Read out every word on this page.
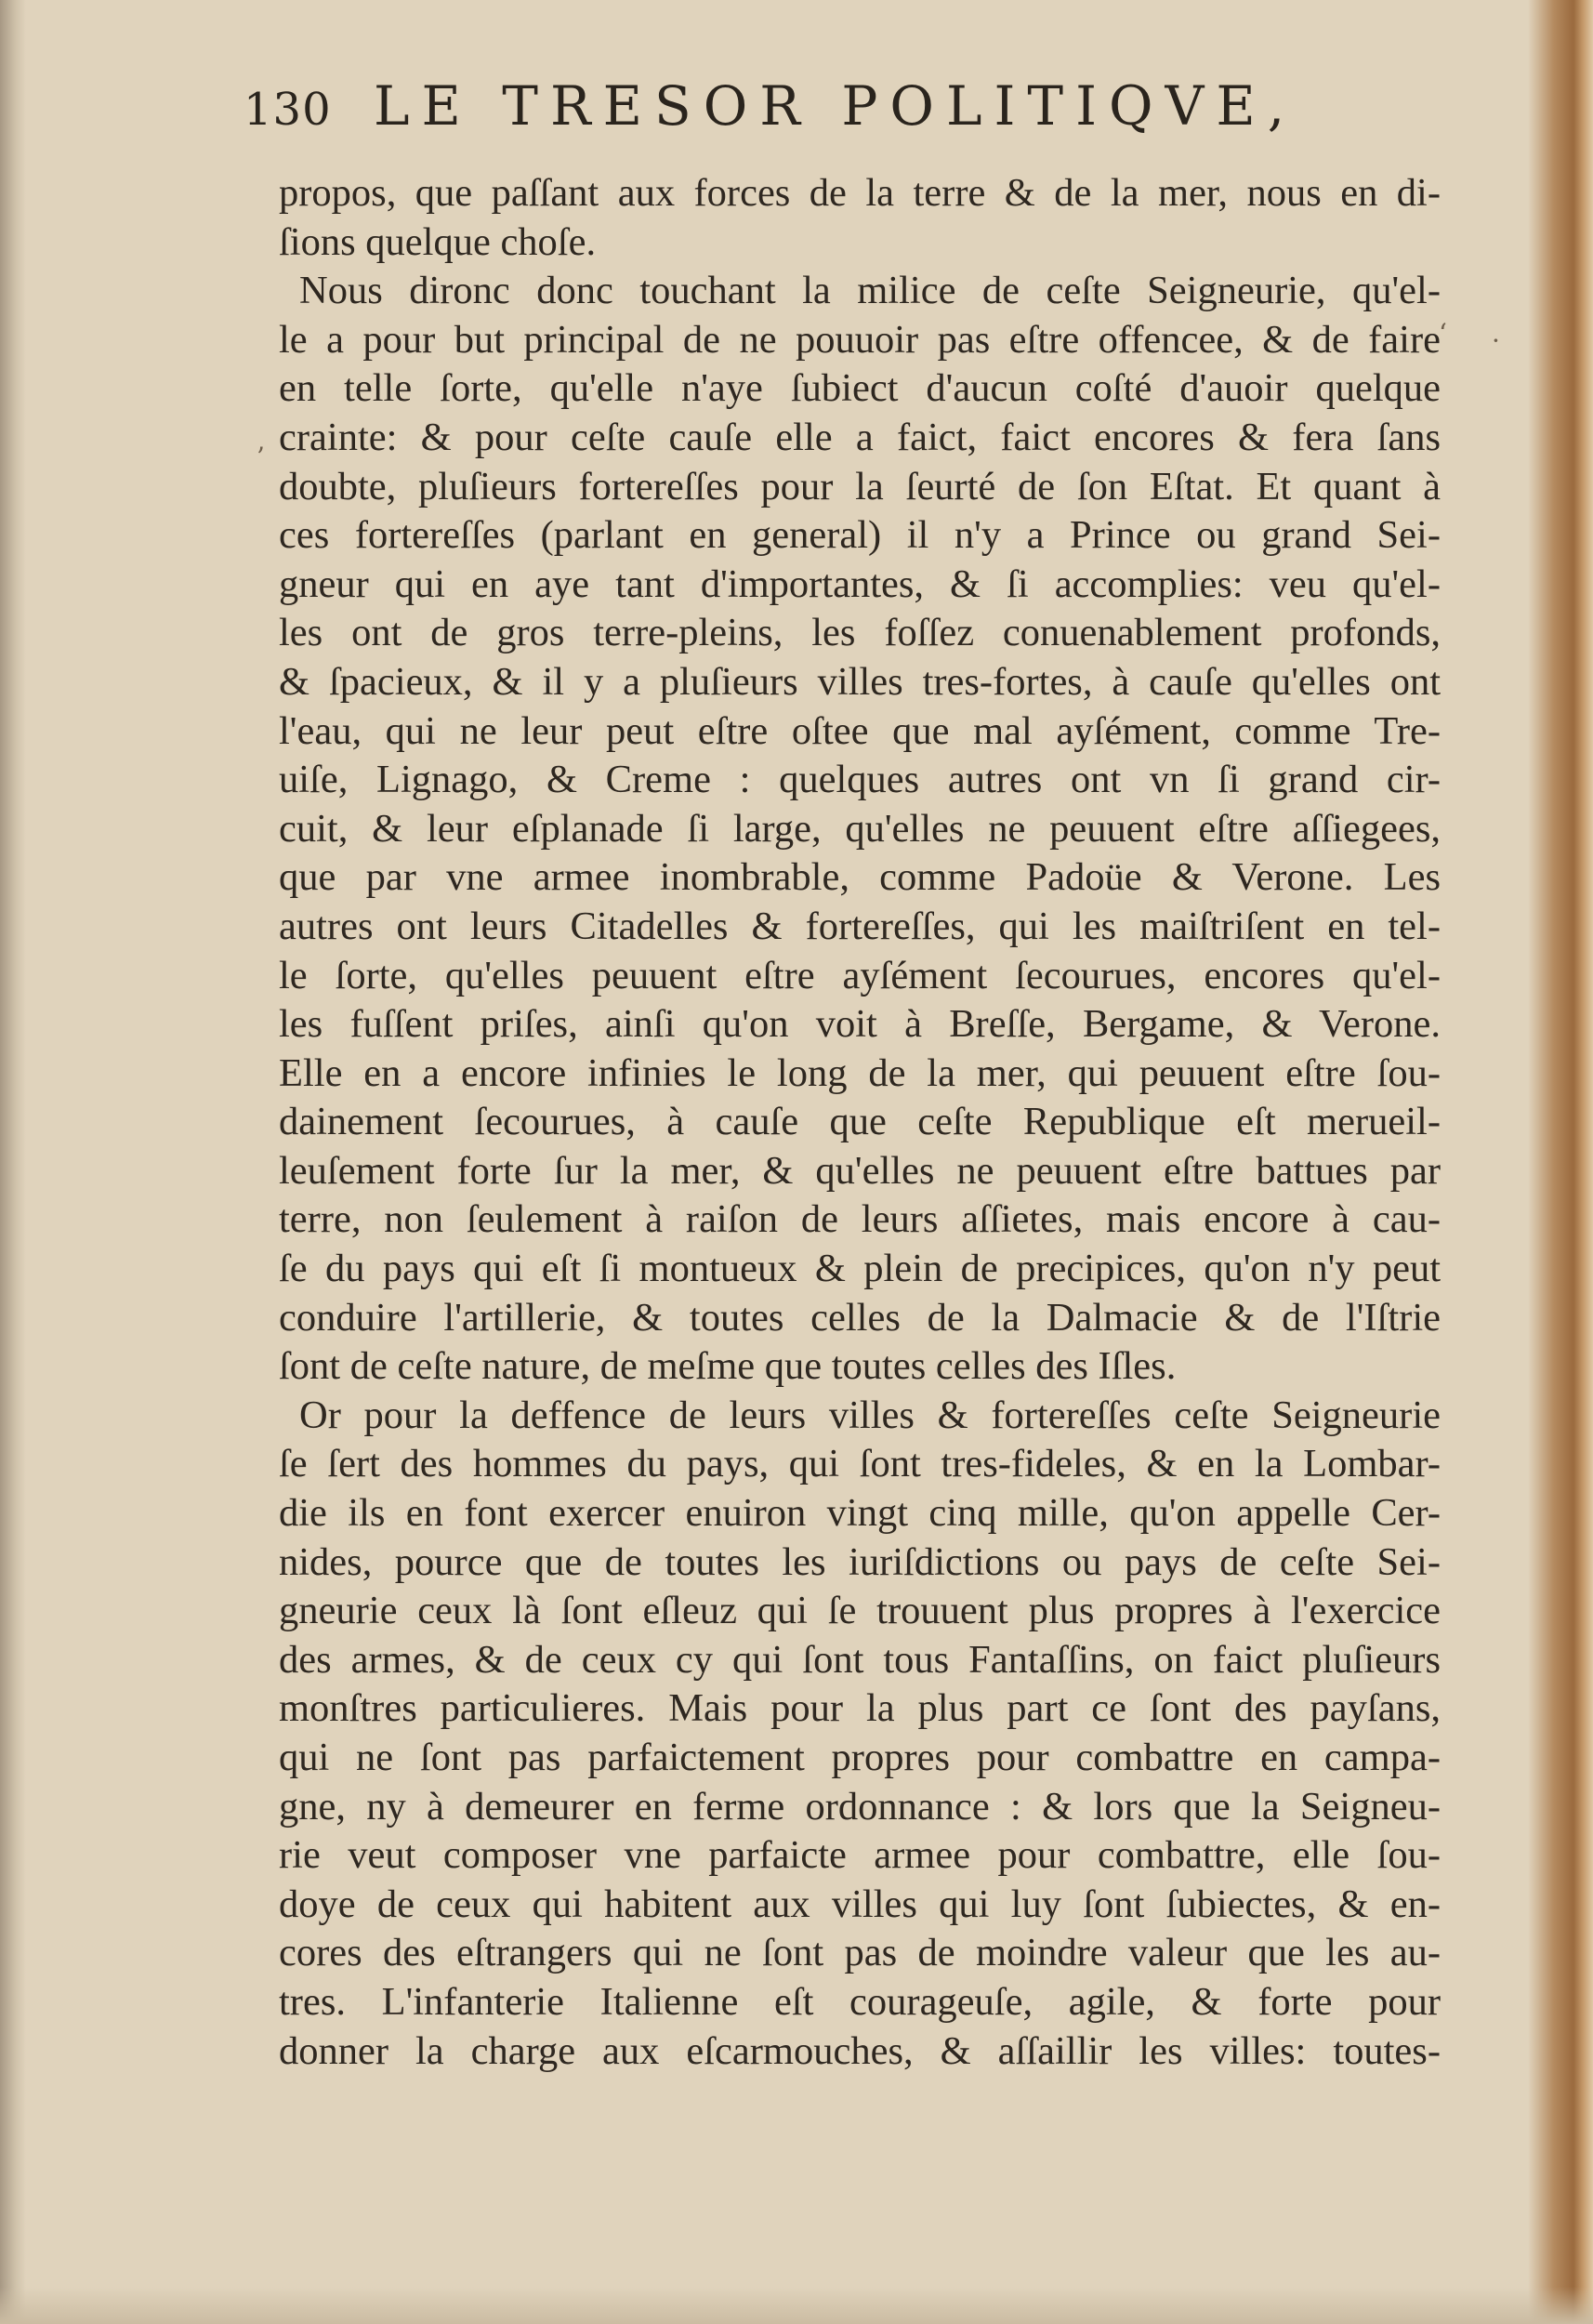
130 LE TRESOR POLITIQVE,
‘ ·
’
propos, que paſſant aux forces de la terre & de la mer, nous en di-
ſions quelque choſe.
Nous dironc donc touchant la milice de ceſte Seigneurie, qu'el-
le a pour but principal de ne pouuoir pas eſtre offencee, & de faire
en telle ſorte, qu'elle n'aye ſubiect d'aucun coſté d'auoir quelque
crainte: & pour ceſte cauſe elle a faict, faict encores & fera ſans
doubte, pluſieurs fortereſſes pour la ſeurté de ſon Eſtat. Et quant à
ces fortereſſes (parlant en general) il n'y a Prince ou grand Sei-
gneur qui en aye tant d'importantes, & ſi accomplies: veu qu'el-
les ont de gros terre-pleins, les foſſez conuenablement profonds,
& ſpacieux, & il y a pluſieurs villes tres-fortes, à cauſe qu'elles ont
l'eau, qui ne leur peut eſtre oſtee que mal ayſément, comme Tre-
uiſe, Lignago, & Creme : quelques autres ont vn ſi grand cir-
cuit, & leur eſplanade ſi large, qu'elles ne peuuent eſtre aſſiegees,
que par vne armee inombrable, comme Padoüe & Verone. Les
autres ont leurs Citadelles & fortereſſes, qui les maiſtriſent en tel-
le ſorte, qu'elles peuuent eſtre ayſément ſecourues, encores qu'el-
les fuſſent priſes, ainſi qu'on voit à Breſſe, Bergame, & Verone.
Elle en a encore infinies le long de la mer, qui peuuent eſtre ſou-
dainement ſecourues, à cauſe que ceſte Republique eſt merueil-
leuſement forte ſur la mer, & qu'elles ne peuuent eſtre battues par
terre, non ſeulement à raiſon de leurs aſſietes, mais encore à cau-
ſe du pays qui eſt ſi montueux & plein de precipices, qu'on n'y peut
conduire l'artillerie, & toutes celles de la Dalmacie & de l'Iſtrie
ſont de ceſte nature, de meſme que toutes celles des Iſles.
Or pour la deffence de leurs villes & fortereſſes ceſte Seigneurie
ſe ſert des hommes du pays, qui ſont tres-fideles, & en la Lombar-
die ils en font exercer enuiron vingt cinq mille, qu'on appelle Cer-
nides, pource que de toutes les iuriſdictions ou pays de ceſte Sei-
gneurie ceux là ſont eſleuz qui ſe trouuent plus propres à l'exercice
des armes, & de ceux cy qui ſont tous Fantaſſins, on faict pluſieurs
monſtres particulieres. Mais pour la plus part ce ſont des payſans,
qui ne ſont pas parfaictement propres pour combattre en campa-
gne, ny à demeurer en ferme ordonnance : & lors que la Seigneu-
rie veut composer vne parfaicte armee pour combattre, elle ſou-
doye de ceux qui habitent aux villes qui luy ſont ſubiectes, & en-
cores des eſtrangers qui ne ſont pas de moindre valeur que les au-
tres. L'infanterie Italienne eſt courageuſe, agile, & forte pour
donner la charge aux eſcarmouches, & aſſaillir les villes: toutes-
